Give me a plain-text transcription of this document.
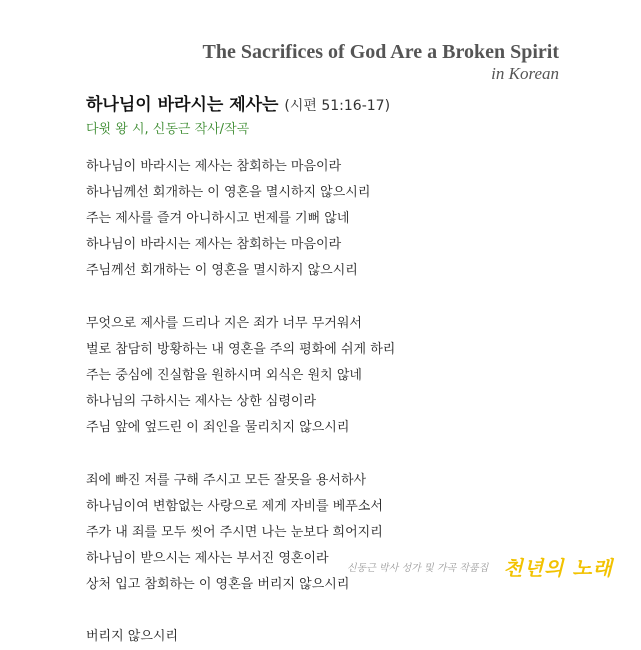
The Sacrifices of God Are a Broken Spirit
in Korean
하나님이 바라시는 제사는 (시편 51:16-17)
다윗 왕 시, 신동근 작사/작곡
하나님이 바라시는 제사는 참회하는 마음이라
하나님께선 회개하는 이 영혼을 멸시하지 않으시리
주는 제사를 즐겨 아니하시고 번제를 기뻐 않네
하나님이 바라시는 제사는 참회하는 마음이라
주님께선 회개하는 이 영혼을 멸시하지 않으시리
무엇으로 제사를 드리나 지은 죄가 너무 무거워서
벌로 참담히 방황하는 내 영혼을 주의 평화에 쉬게 하리
주는 중심에 진실함을 원하시며 외식은 원치 않네
하나님의 구하시는 제사는 상한 심령이라
주님 앞에 엎드린 이 죄인을 물리치지 않으시리
죄에 빠진 저를 구해 주시고 모든 잘못을 용서하사
하나님이여 변함없는 사랑으로 제게 자비를 베푸소서
주가 내 죄를 모두 씻어 주시면 나는 눈보다 희어지리
하나님이 받으시는 제사는 부서진 영혼이라
상처 입고 참회하는 이 영혼을 버리지 않으시리
버리지 않으시리
신동근 박사 성가 및 가곡 작품집 천년의 노래
